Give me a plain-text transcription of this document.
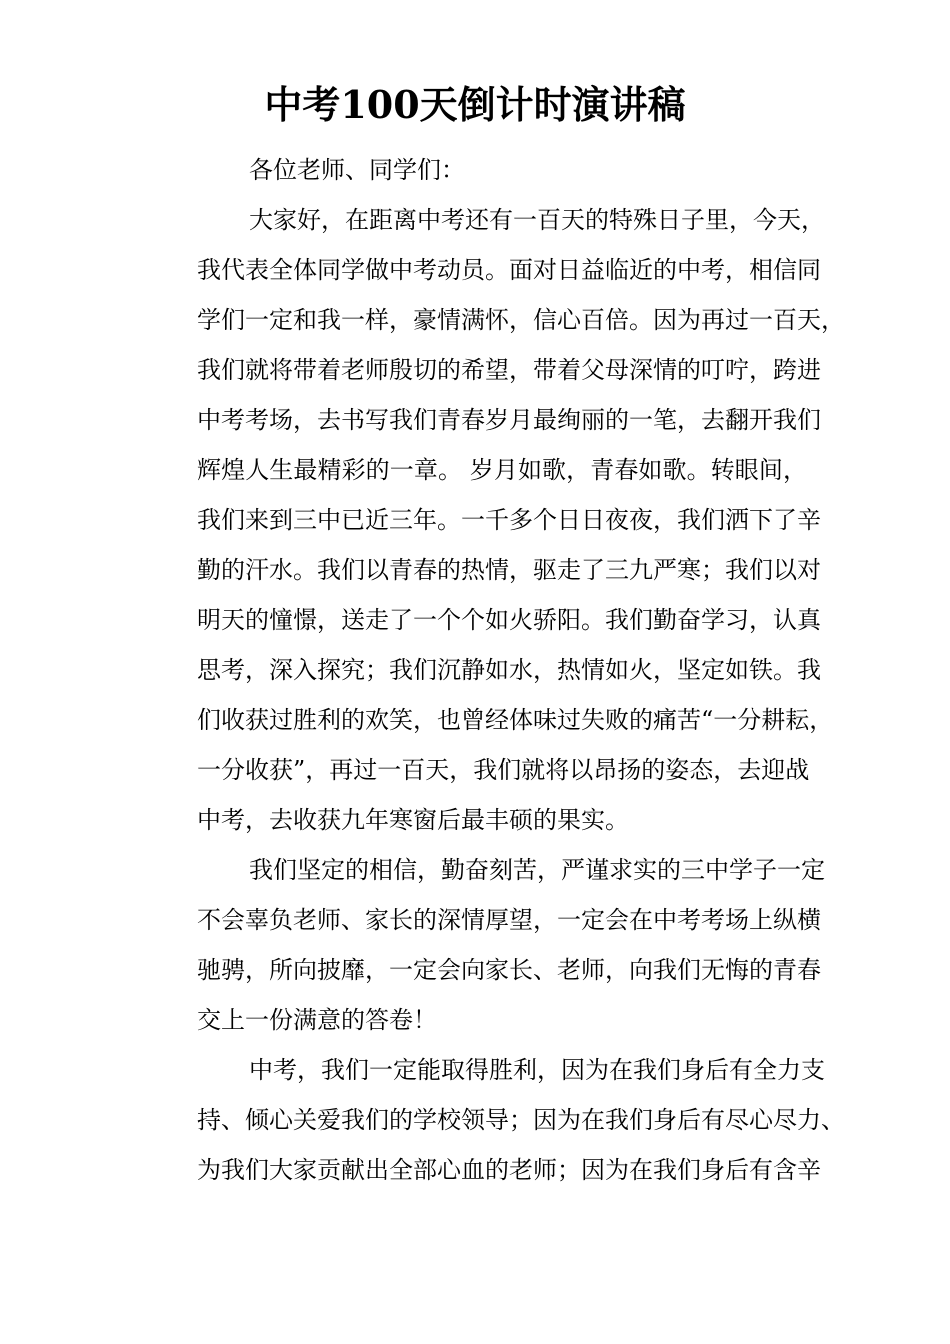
中考100天倒计时演讲稿
各位老师、同学们：
大家好，在距离中考还有一百天的特殊日子里，今天，
我代表全体同学做中考动员。面对日益临近的中考，相信同
学们一定和我一样，豪情满怀，信心百倍。因为再过一百天，
我们就将带着老师殷切的希望，带着父母深情的叮咛，跨进
中考考场，去书写我们青春岁月最绚丽的一笔，去翻开我们
辉煌人生最精彩的一章。 岁月如歌，青春如歌。转眼间，
我们来到三中已近三年。一千多个日日夜夜，我们洒下了辛
勤的汗水。我们以青春的热情，驱走了三九严寒；我们以对
明天的憧憬，送走了一个个如火骄阳。我们勤奋学习，认真
思考，深入探究；我们沉静如水，热情如火，坚定如铁。我
们收获过胜利的欢笑，也曾经体味过失败的痛苦“一分耕耘，
一分收获”，再过一百天，我们就将以昂扬的姿态，去迎战
中考，去收获九年寒窗后最丰硕的果实。
我们坚定的相信，勤奋刻苦，严谨求实的三中学子一定
不会辜负老师、家长的深情厚望，一定会在中考考场上纵横
驰骋，所向披靡，一定会向家长、老师，向我们无悔的青春
交上一份满意的答卷！
中考，我们一定能取得胜利，因为在我们身后有全力支
持、倾心关爱我们的学校领导；因为在我们身后有尽心尽力、
为我们大家贡献出全部心血的老师；因为在我们身后有含辛
